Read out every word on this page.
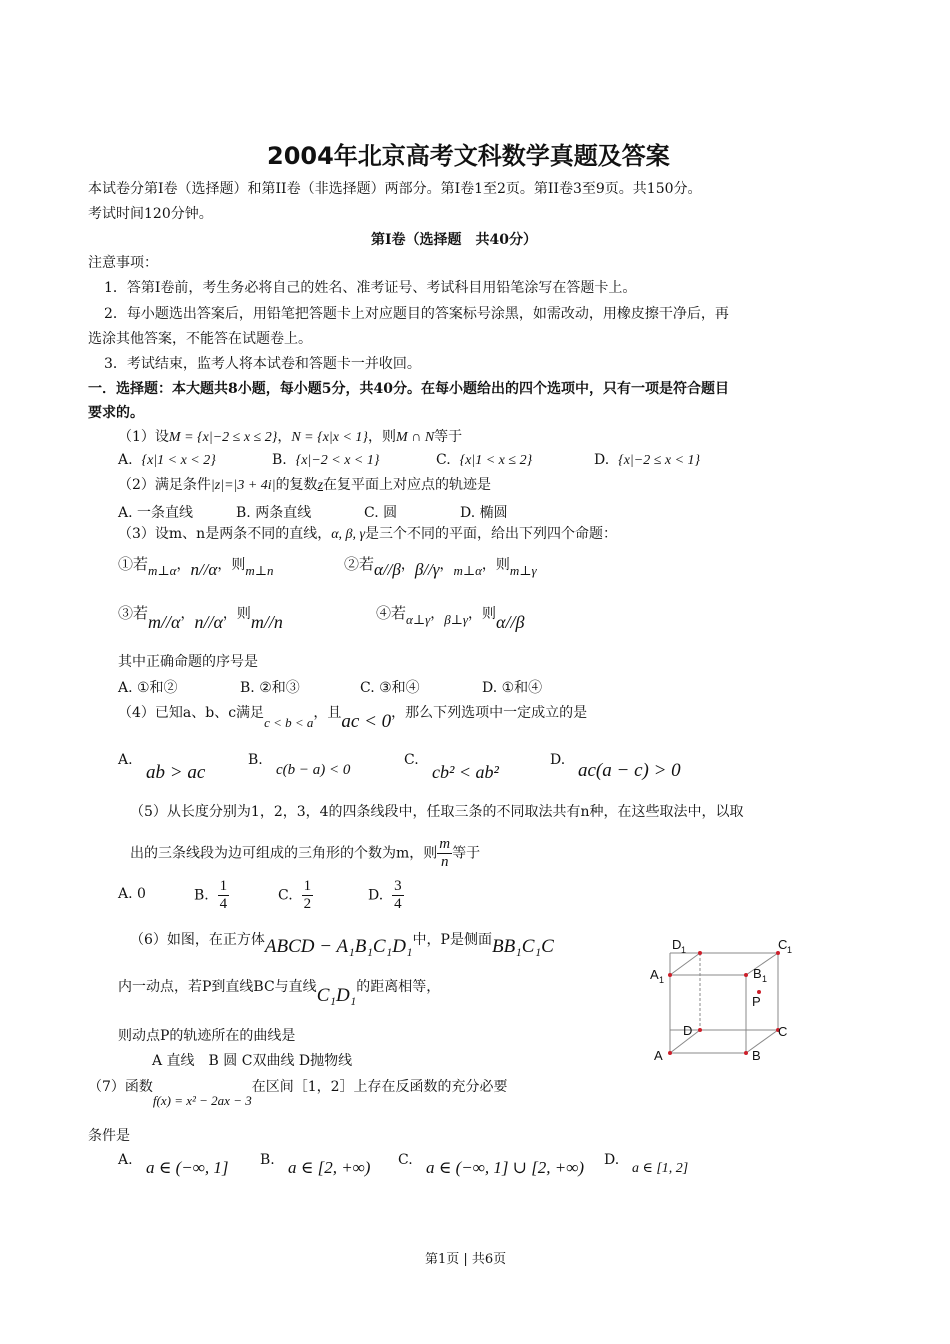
2004年北京高考文科数学真题及答案
本试卷分第Ⅰ卷（选择题）和第II卷（非选择题）两部分。第Ⅰ卷1至2页。第II卷3至9页。共150分。
考试时间120分钟。
第Ⅰ卷（选择题　共40分）
注意事项：
1．答第Ⅰ卷前，考生务必将自己的姓名、准考证号、考试科目用铅笔涂写在答题卡上。
2．每小题选出答案后，用铅笔把答题卡上对应题目的答案标号涂黑，如需改动，用橡皮擦干净后，再
选涂其他答案，不能答在试题卷上。
3．考试结束，监考人将本试卷和答题卡一并收回。
一．选择题：本大题共8小题，每小题5分，共40分。在每小题给出的四个选项中，只有一项是符合题目
要求的。
（1）设M = {x|−2 ≤ x ≤ 2}，N = {x|x < 1}，则M ∩ N等于
A. {x|1 < x < 2}	B. {x|−2 < x < 1}	C. {x|1 < x ≤ 2}	D. {x|−2 ≤ x < 1}
（2）满足条件|z|=|3 + 4i|的复数z在复平面上对应点的轨迹是
A. 一条直线	B. 两条直线	C. 圆	D. 椭圆
（3）设m、n是两条不同的直线，α, β, γ是三个不同的平面，给出下列四个命题：
①若m⊥α，n//α，则m⊥n	②若α//β，β//γ，m⊥α，则m⊥γ
③若m//α，n//α，则m//n	④若α⊥γ，β⊥γ，则α//β
其中正确命题的序号是
A. ①和②	B. ②和③	C. ③和④	D. ①和④
（4）已知a、b、c满足c < b < a，且ac < 0，那么下列选项中一定成立的是
A.
ab > ac
B.
c(b − a) < 0
C.
cb² < ab²
D. ac(a − c) > 0
（5）从长度分别为1，2，3，4的四条线段中，任取三条的不同取法共有n种，在这些取法中，以取
出的三条线段为边可组成的三角形的个数为m，则 $\frac{m}{n}$ 等于
A. 0	B. $\frac{1}{4}$	C. $\frac{1}{2}$	D. $\frac{3}{4}$
（6）如图，在正方体ABCD − A₁B₁C₁D₁中，P是侧面BB₁C₁C
内一动点，若P到直线BC与直线C₁D₁的距离相等，
则动点P的轨迹所在的曲线是
A 直线　B 圆 C双曲线 D抛物线	A	B
C
D
A 1	B 1
C 1
D 1
P
（7）函数f(x) = x² − 2ax − 3在区间［1，2］上存在反函数的充分必要
条件是
A. a ∈ (−∞, 1] B. a ∈ [2, +∞) C. a ∈ (−∞, 1] ∪ [2, +∞) D.
a ∈ [1, 2]
第1页 | 共6页
